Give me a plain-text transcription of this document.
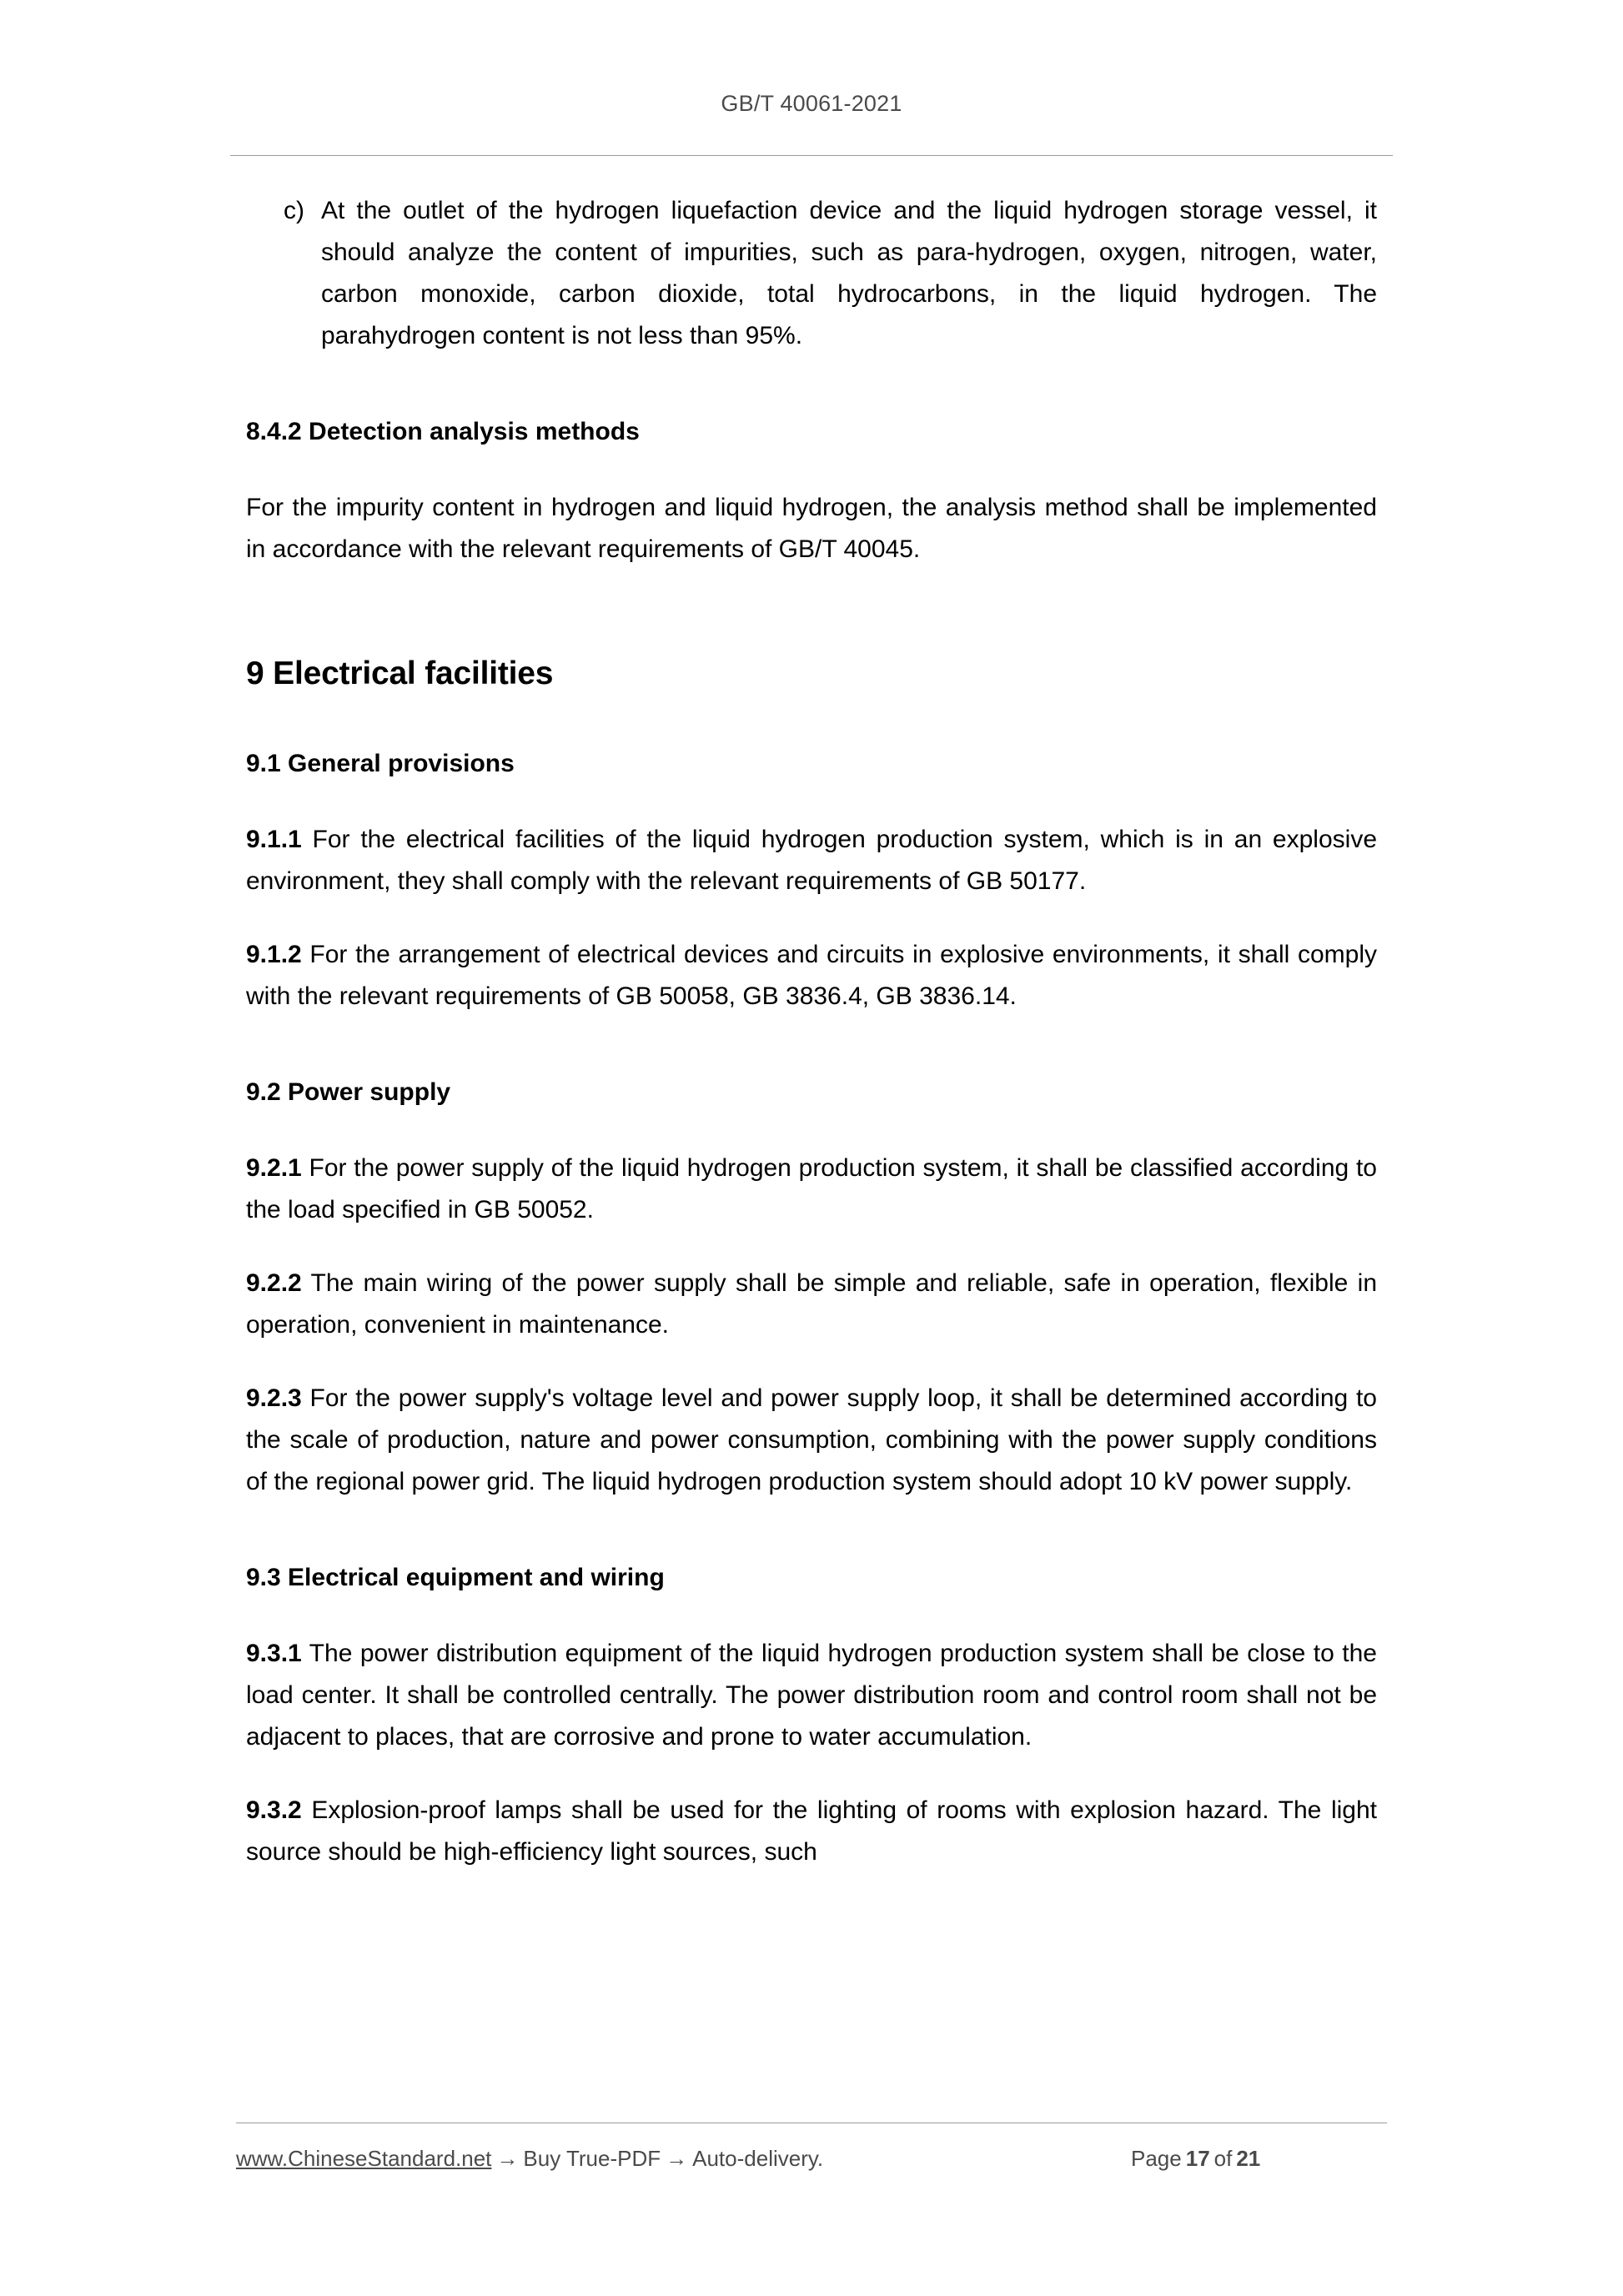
GB/T 40061-2021
c) At the outlet of the hydrogen liquefaction device and the liquid hydrogen storage vessel, it should analyze the content of impurities, such as para-hydrogen, oxygen, nitrogen, water, carbon monoxide, carbon dioxide, total hydrocarbons, in the liquid hydrogen. The parahydrogen content is not less than 95%.
8.4.2 Detection analysis methods

For the impurity content in hydrogen and liquid hydrogen, the analysis method shall be implemented in accordance with the relevant requirements of GB/T 40045.

9 Electrical facilities
9.1 General provisions

9.1.1 For the electrical facilities of the liquid hydrogen production system, which is in an explosive environment, they shall comply with the relevant requirements of GB 50177.

9.1.2 For the arrangement of electrical devices and circuits in explosive environments, it shall comply with the relevant requirements of GB 50058, GB 3836.4, GB 3836.14.

9.2 Power supply

9.2.1 For the power supply of the liquid hydrogen production system, it shall be classified according to the load specified in GB 50052.

9.2.2 The main wiring of the power supply shall be simple and reliable, safe in operation, flexible in operation, convenient in maintenance.

9.2.3 For the power supply's voltage level and power supply loop, it shall be determined according to the scale of production, nature and power consumption, combining with the power supply conditions of the regional power grid. The liquid hydrogen production system should adopt 10 kV power supply.

9.3 Electrical equipment and wiring

9.3.1 The power distribution equipment of the liquid hydrogen production system shall be close to the load center. It shall be controlled centrally. The power distribution room and control room shall not be adjacent to places, that are corrosive and prone to water accumulation.

9.3.2 Explosion-proof lamps shall be used for the lighting of rooms with explosion hazard. The light source should be high-efficiency light sources, such

www.ChineseStandard.net → Buy True-PDF → Auto-delivery.	Page 17 of 21
